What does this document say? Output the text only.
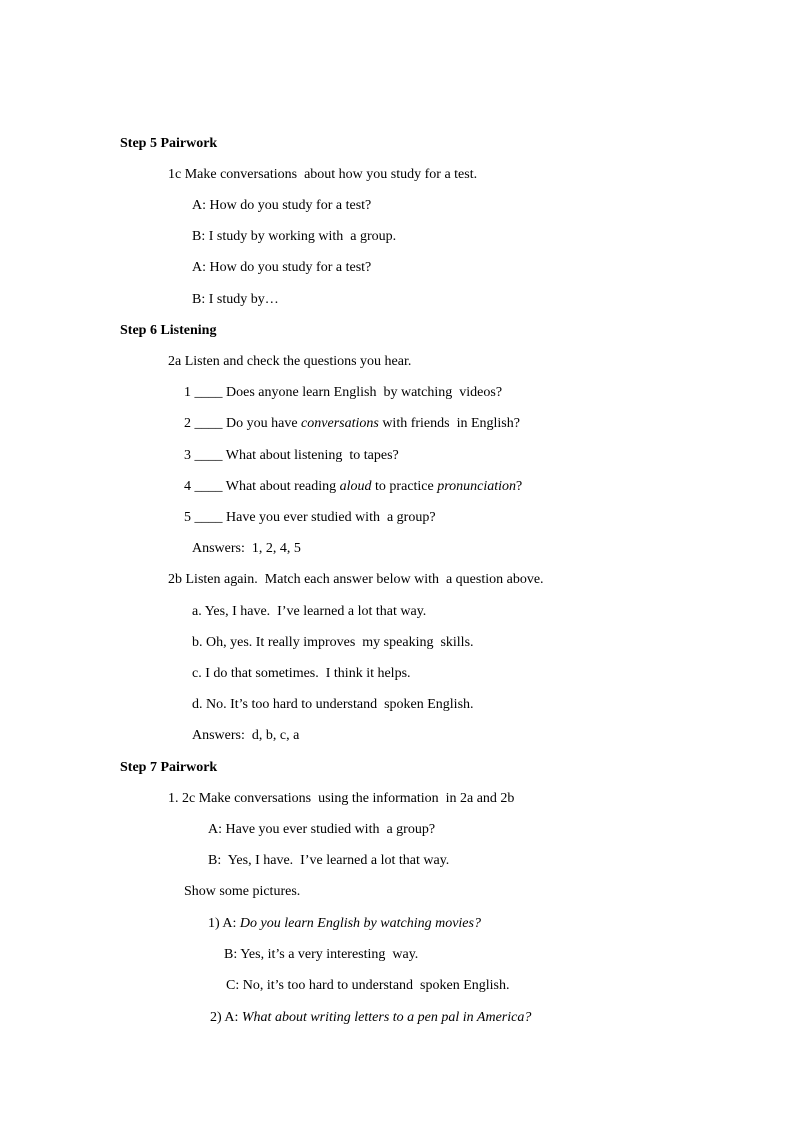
Step 5 Pairwork
1c Make conversations  about how you study for a test.
A: How do you study for a test?
B: I study by working with  a group.
A: How do you study for a test?
B: I study by…
Step 6 Listening
2a Listen and check the questions you hear.
1 ____ Does anyone learn English  by watching  videos?
2 ____ Do you have conversations with friends  in English?
3 ____ What about listening  to tapes?
4 ____ What about reading aloud to practice pronunciation?
5 ____ Have you ever studied with  a group?
Answers:  1, 2, 4, 5
2b Listen again.  Match each answer below with  a question above.
a. Yes, I have.  I’ve learned a lot that way.
b. Oh, yes. It really improves  my speaking  skills.
c. I do that sometimes.  I think it helps.
d. No. It’s too hard to understand  spoken English.
Answers:  d, b, c, a
Step 7 Pairwork
1. 2c Make conversations  using the information  in 2a and 2b
A: Have you ever studied with  a group?
B:  Yes, I have.  I’ve learned a lot that way.
Show some pictures.
1) A: Do you learn English by watching movies?
B: Yes, it’s a very interesting  way.
C: No, it’s too hard to understand  spoken English.
2) A: What about writing letters to a pen pal in America?
